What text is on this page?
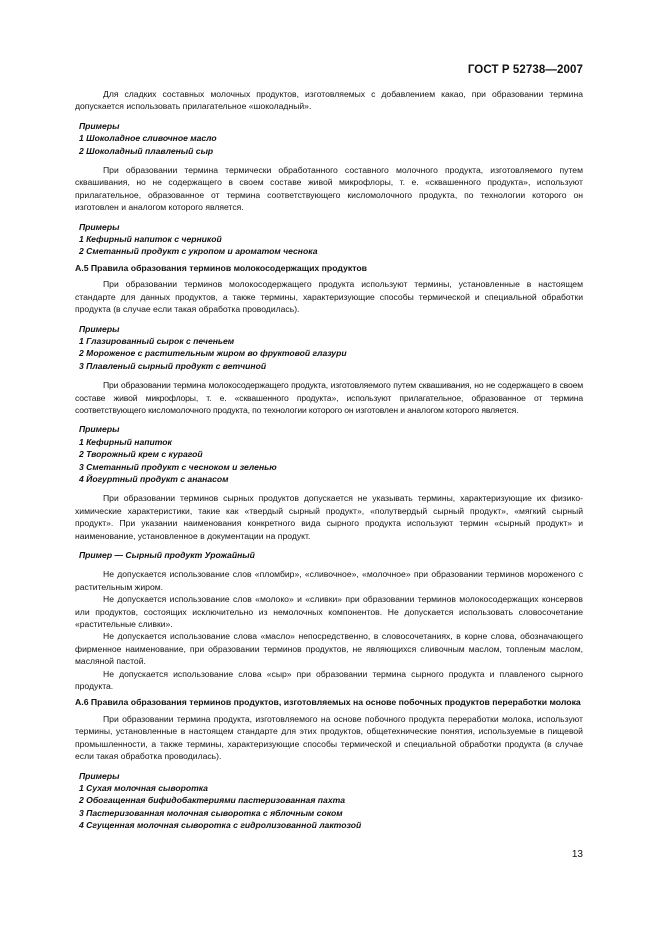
ГОСТ Р 52738—2007

Для сладких составных молочных продуктов, изготовляемых с добавлением какао, при образовании термина допускается использовать прилагательное «шоколадный».

Примеры
1 Шоколадное сливочное масло
2 Шоколадный плавленый сыр

При образовании термина термически обработанного составного молочного продукта, изготовляемого путем сквашивания, но не содержащего в своем составе живой микрофлоры, т. е. «сквашенного продукта», используют прилагательное, образованное от термина соответствующего кисломолочного продукта, по технологии которого он изготовлен и аналогом которого является.

Примеры
1 Кефирный напиток с черникой
2 Сметанный продукт с укропом и ароматом чеснока
А.5 Правила образования терминов молокосодержащих продуктов

При образовании терминов молокосодержащего продукта используют термины, установленные в настоящем стандарте для данных продуктов, а также термины, характеризующие способы термической и специальной обработки продукта (в случае если такая обработка проводилась).

Примеры
1 Глазированный сырок с печеньем
2 Мороженое с растительным жиром во фруктовой глазури
3 Плавленый сырный продукт с ветчиной

При образовании термина молокосодержащего продукта, изготовляемого путем сквашивания, но не содержащего в своем составе живой микрофлоры, т. е. «сквашенного продукта», используют прилагательное, образованное от термина соответствующего кисломолочного продукта, по технологии которого он изготовлен и аналогом которого является.

Примеры
1 Кефирный напиток
2 Творожный крем с курагой
3 Сметанный продукт с чесноком и зеленью
4 Йогуртный продукт с ананасом

При образовании терминов сырных продуктов допускается не указывать термины, характеризующие их физико-химические характеристики, такие как «твердый сырный продукт», «полутвердый сырный продукт», «мягкий сырный продукт». При указании наименования конкретного вида сырного продукта используют термин «сырный продукт» и наименование, установленное в документации на продукт.

Пример — Сырный продукт Урожайный

Не допускается использование слов «пломбир», «сливочное», «молочное» при образовании терминов мороженого с растительным жиром.

Не допускается использование слов «молоко» и «сливки» при образовании терминов молокосодержащих консервов или продуктов, состоящих исключительно из немолочных компонентов. Не допускается использовать словосочетание «растительные сливки».

Не допускается использование слова «масло» непосредственно, в словосочетаниях, в корне слова, обозначающего фирменное наименование, при образовании терминов продуктов, не являющихся сливочным маслом, топленым маслом, масляной пастой.

Не допускается использование слова «сыр» при образовании термина сырного продукта и плавленого сырного продукта.

А.6 Правила образования терминов продуктов, изготовляемых на основе побочных продуктов переработки молока

При образовании термина продукта, изготовляемого на основе побочного продукта переработки молока, используют термины, установленные в настоящем стандарте для этих продуктов, общетехнические понятия, используемые в пищевой промышленности, а также термины, характеризующие способы термической и специальной обработки продукта (в случае если такая обработка проводилась).

Примеры
1 Сухая молочная сыворотка
2 Обогащенная бифидобактериями пастеризованная пахта
3 Пастеризованная молочная сыворотка с яблочным соком
4 Сгущенная молочная сыворотка с гидролизованной лактозой
13
